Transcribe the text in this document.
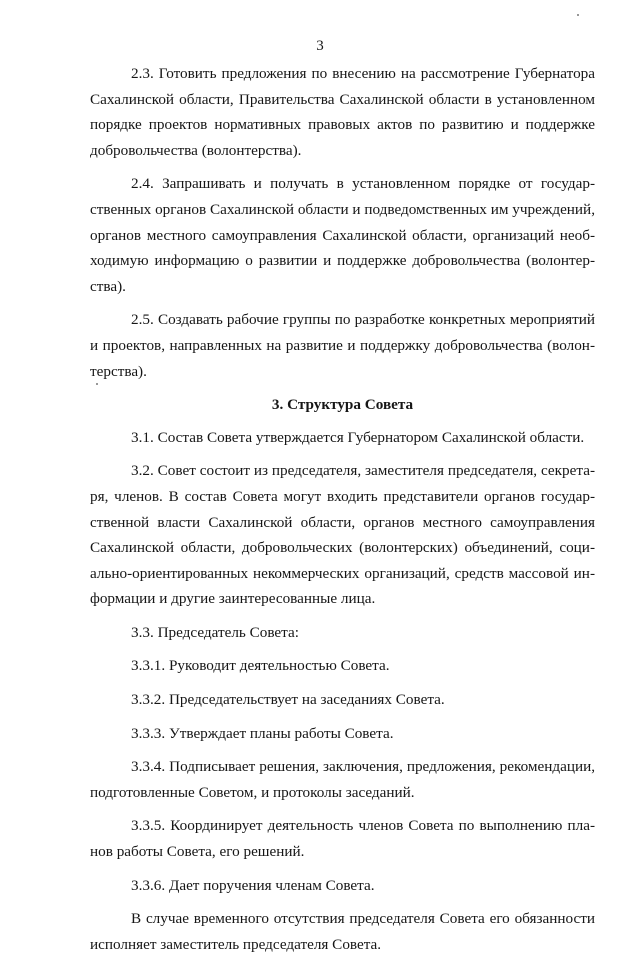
3

2.3. Готовить предложения по внесению на рассмотрение Губернатора Сахалинской области, Правительства Сахалинской области в установленном порядке проектов нормативных правовых актов по развитию и поддержке добровольчества (волонтерства).

2.4. Запрашивать и получать в установленном порядке от государственных органов Сахалинской области и подведомственных им учреждений, органов местного самоуправления Сахалинской области, организаций необходимую информацию о развитии и поддержке добровольчества (волонтерства).

2.5. Создавать рабочие группы по разработке конкретных мероприятий и проектов, направленных на развитие и поддержку добровольчества (волонтерства).

3. Структура Совета

3.1. Состав Совета утверждается Губернатором Сахалинской области.

3.2. Совет состоит из председателя, заместителя председателя, секретаря, членов. В состав Совета могут входить представители органов государственной власти Сахалинской области, органов местного самоуправления Сахалинской области, добровольческих (волонтерских) объединений, социально-ориентированных некоммерческих организаций, средств массовой информации и другие заинтересованные лица.

3.3. Председатель Совета:

3.3.1. Руководит деятельностью Совета.

3.3.2. Председательствует на заседаниях Совета.

3.3.3. Утверждает планы работы Совета.

3.3.4. Подписывает решения, заключения, предложения, рекомендации, подготовленные Советом, и протоколы заседаний.

3.3.5. Координирует деятельность членов Совета по выполнению планов работы Совета, его решений.

3.3.6. Дает поручения членам Совета.

В случае временного отсутствия председателя Совета его обязанности исполняет заместитель председателя Совета.
